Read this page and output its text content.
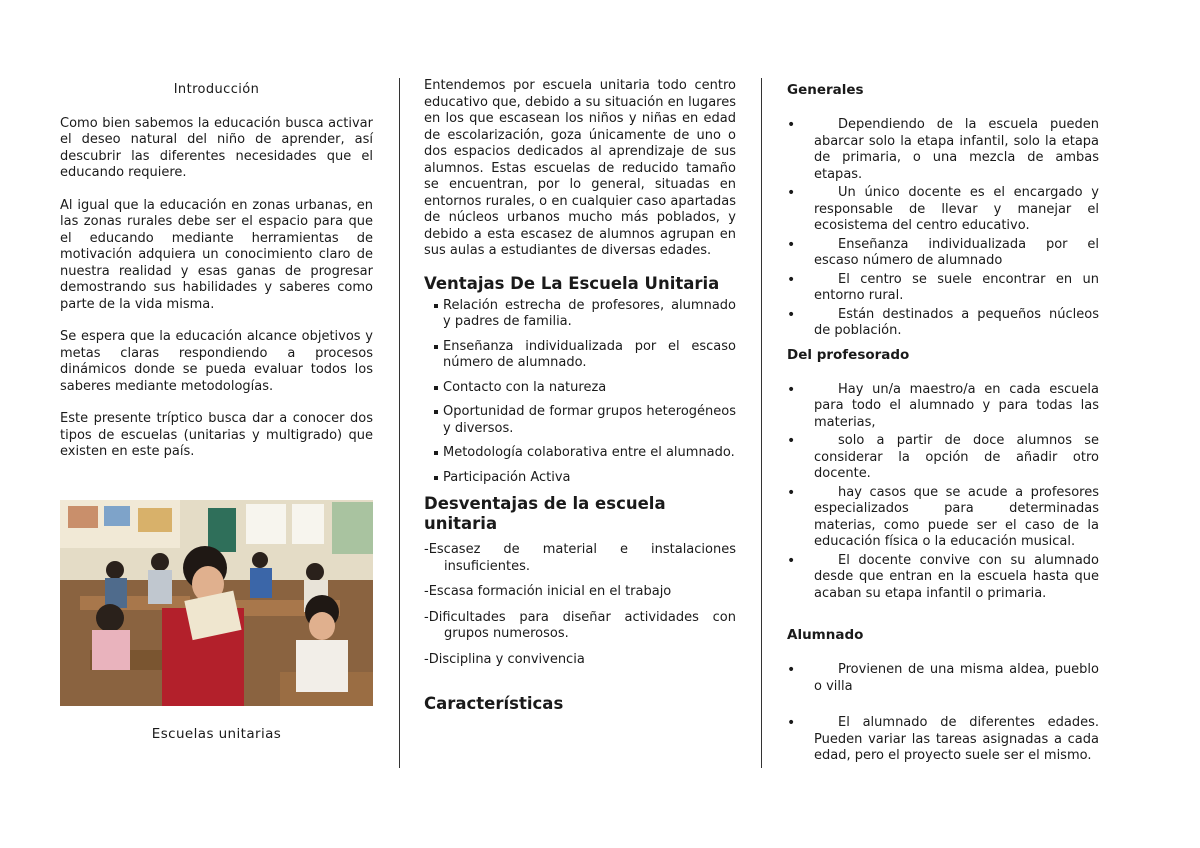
Introducción

Como bien sabemos la educación busca activar el deseo natural del niño de aprender, así descubrir las diferentes necesidades que el educando requiere.

Al igual que la educación en zonas urbanas, en las zonas rurales debe ser el espacio para que el educando mediante herramientas de motivación adquiera un conocimiento claro de nuestra realidad y esas ganas de progresar demostrando sus habilidades y saberes como parte de la vida misma.

Se espera que la educación alcance objetivos y metas claras respondiendo a procesos dinámicos donde se pueda evaluar todos los saberes mediante metodologías.

Este presente tríptico busca dar a conocer dos tipos de escuelas (unitarias y multigrado) que existen en este país.

Escuelas unitarias

Entendemos por escuela unitaria todo centro educativo que, debido a su situación en lugares en los que escasean los niños y niñas en edad de escolarización, goza únicamente de uno o dos espacios dedicados al aprendizaje de sus alumnos. Estas escuelas de reducido tamaño se encuentran, por lo general, situadas en entornos rurales, o en cualquier caso apartadas de núcleos urbanos mucho más poblados, y debido a esta escasez de alumnos agrupan en sus aulas a estudiantes de diversas edades.

Ventajas De La Escuela Unitaria
Relación estrecha de profesores, alumnado y padres de familia.
Enseñanza individualizada por el escaso número de alumnado.
Contacto con la natureza
Oportunidad de formar grupos heterogéneos y diversos.
Metodología colaborativa entre el alumnado.
Participación Activa
Desventajas de la escuela unitaria
-Escasez de material e instalaciones insuficientes.
-Escasa formación inicial en el trabajo
-Dificultades para diseñar actividades con grupos numerosos.
-Disciplina y convivencia
Características
Generales
• Dependiendo de la escuela pueden abarcar solo la etapa infantil, solo la etapa de primaria, o una mezcla de ambas etapas.
• Un único docente es el encargado y responsable de llevar y manejar el ecosistema del centro educativo.
• Enseñanza individualizada por el escaso número de alumnado
• El centro se suele encontrar en un entorno rural.
• Están destinados a pequeños núcleos de población.
Del profesorado
• Hay un/a maestro/a en cada escuela para todo el alumnado y para todas las materias,
• solo a partir de doce alumnos se considerar la opción de añadir otro docente.
• hay casos que se acude a profesores especializados para determinadas materias, como puede ser el caso de la educación física o la educación musical.
• El docente convive con su alumnado desde que entran en la escuela hasta que acaban su etapa infantil o primaria.
Alumnado
• Provienen de una misma aldea, pueblo o villa
• El alumnado de diferentes edades. Pueden variar las tareas asignadas a cada edad, pero el proyecto suele ser el mismo.
